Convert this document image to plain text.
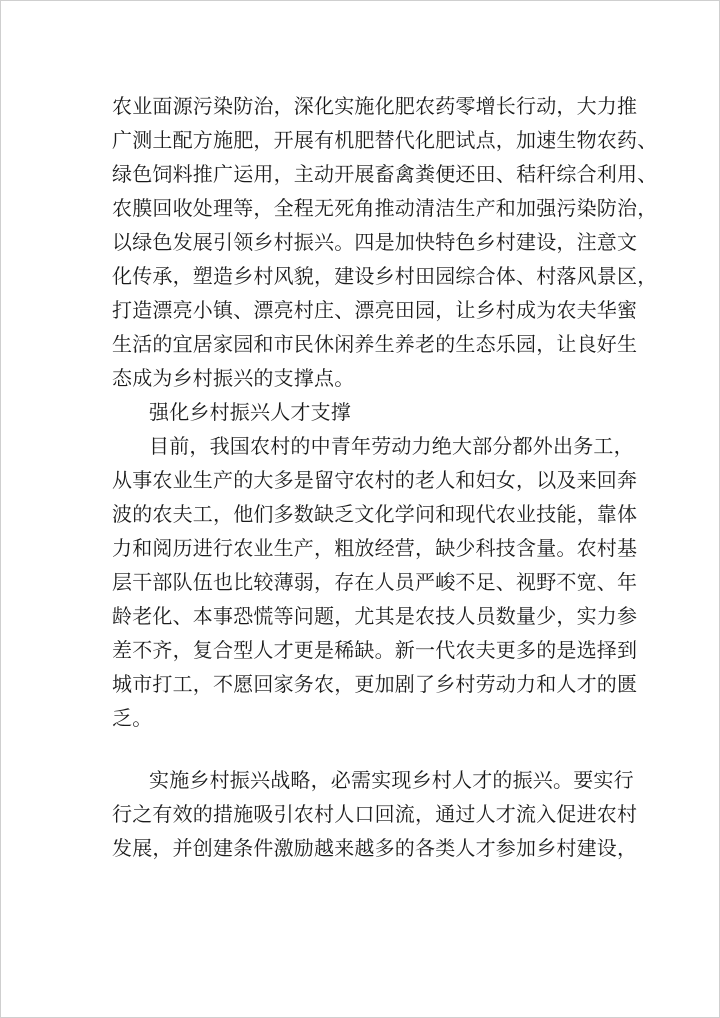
农业面源污染防治，深化实施化肥农药零增长行动，大力推
广测土配方施肥，开展有机肥替代化肥试点，加速生物农药、
绿色饲料推广运用，主动开展畜禽粪便还田、秸秆综合利用、
农膜回收处理等，全程无死角推动清洁生产和加强污染防治，
以绿色发展引领乡村振兴。四是加快特色乡村建设，注意文
化传承，塑造乡村风貌，建设乡村田园综合体、村落风景区，
打造漂亮小镇、漂亮村庄、漂亮田园，让乡村成为农夫华蜜
生活的宜居家园和市民休闲养生养老的生态乐园，让良好生
态成为乡村振兴的支撑点。
强化乡村振兴人才支撑
目前，我国农村的中青年劳动力绝大部分都外出务工，
从事农业生产的大多是留守农村的老人和妇女，以及来回奔
波的农夫工，他们多数缺乏文化学问和现代农业技能，靠体
力和阅历进行农业生产，粗放经营，缺少科技含量。农村基
层干部队伍也比较薄弱，存在人员严峻不足、视野不宽、年
龄老化、本事恐慌等问题，尤其是农技人员数量少，实力参
差不齐，复合型人才更是稀缺。新一代农夫更多的是选择到
城市打工，不愿回家务农，更加剧了乡村劳动力和人才的匮
乏。
实施乡村振兴战略，必需实现乡村人才的振兴。要实行
行之有效的措施吸引农村人口回流，通过人才流入促进农村
发展，并创建条件激励越来越多的各类人才参加乡村建设，
